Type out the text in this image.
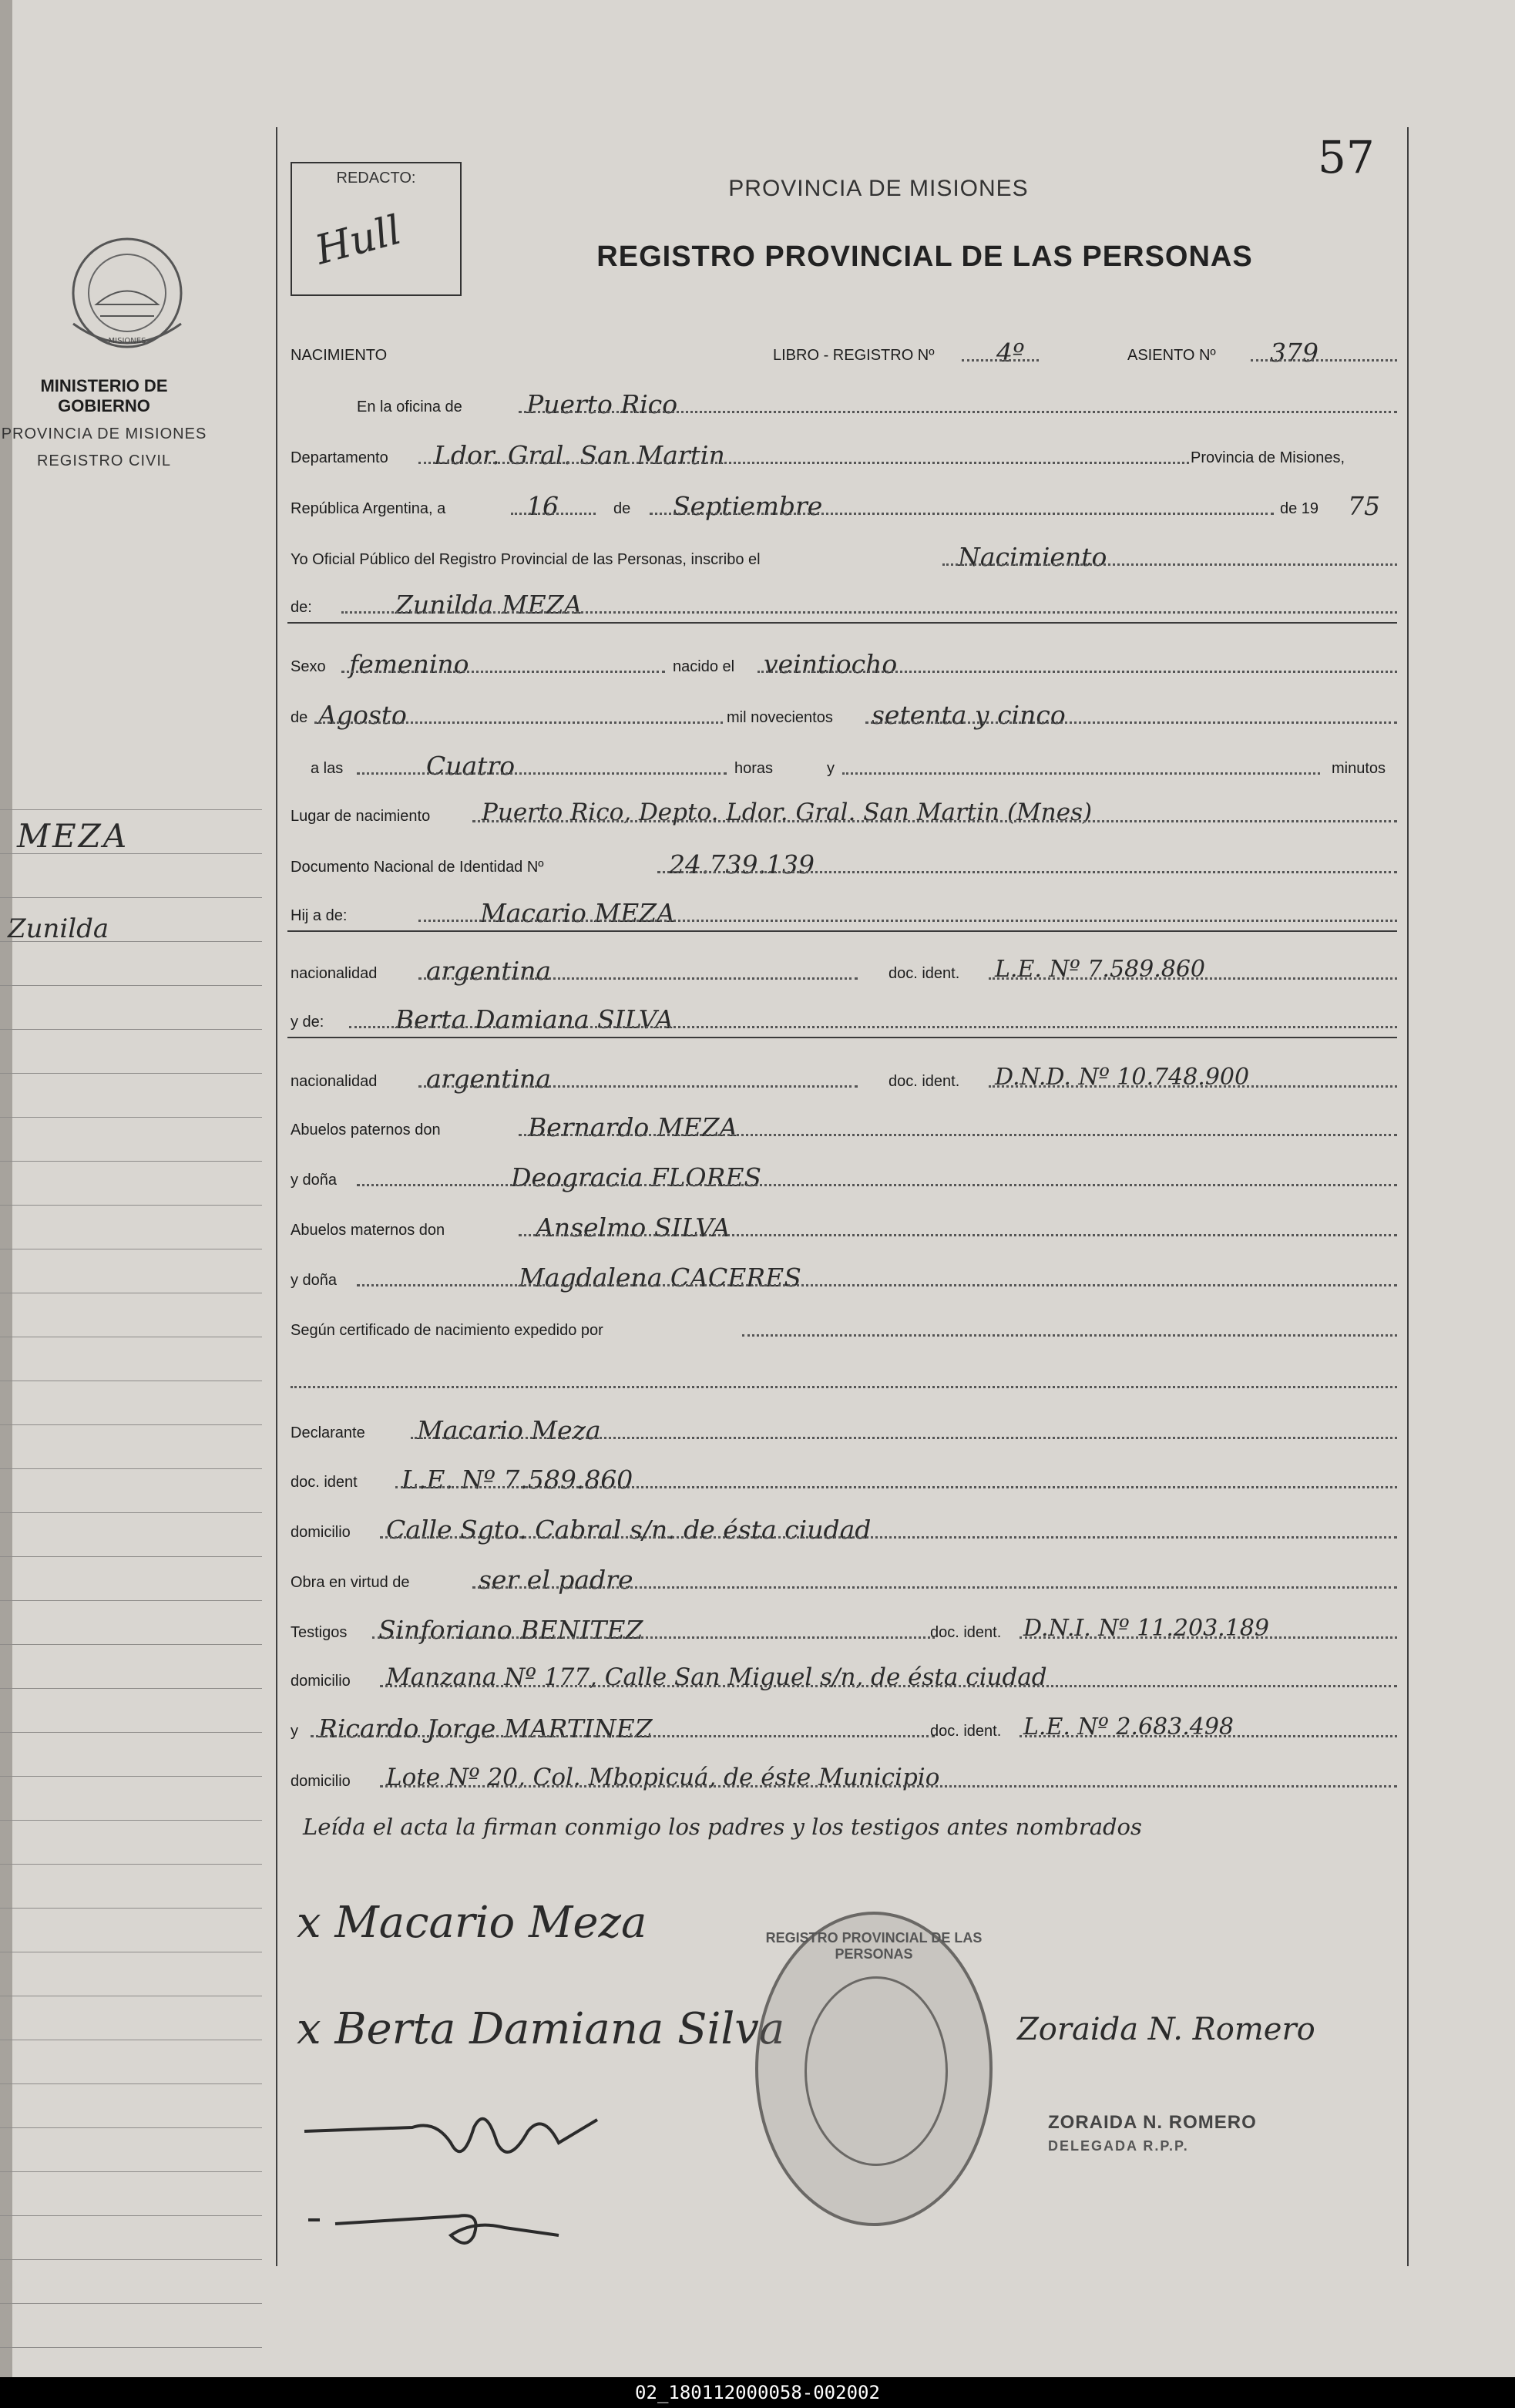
MISIONES
MINISTERIO DE GOBIERNO
PROVINCIA DE MISIONES
REGISTRO CIVIL
MEZA
Zunilda
57
REDACTO:
Hull
PROVINCIA DE MISIONES
REGISTRO PROVINCIAL DE LAS PERSONAS
NACIMIENTO	LIBRO - REGISTRO Nº 4º	ASIENTO Nº 379
En la oficina de	Puerto Rico
Departamento Ldor. Gral. San Martin	Provincia de Misiones,
República Argentina, a	16	de Septiembre	de 19 75
Yo Oficial Público del Registro Provincial de las Personas, inscribo el	Nacimiento
de:	Zunilda MEZA
Sexo femenino	nacido el veintiocho
de Agosto	mil novecientos setenta y cinco
a las	Cuatro	horas	y	minutos
Lugar de nacimiento Puerto Rico, Depto. Ldor. Gral. San Martin (Mnes)
Documento Nacional de Identidad Nº	24.739.139
Hij a de:	Macario MEZA
nacionalidad argentina	doc. ident. L.E. Nº 7.589.860
y de:	Berta Damiana SILVA
nacionalidad argentina	doc. ident. D.N.D. Nº 10.748.900
Abuelos paternos don	Bernardo MEZA
y doña	Deogracia FLORES
Abuelos maternos don	Anselmo SILVA
y doña	Magdalena CACERES
Según certificado de nacimiento expedido por
Declarante Macario Meza
doc. ident L.E. Nº 7.589.860
domicilio Calle Sgto. Cabral s/n. de ésta ciudad
Obra en virtud de	ser el padre
Testigos Sinforiano BENITEZ	doc. ident. D.N.I. Nº 11.203.189
domicilio Manzana Nº 177, Calle San Miguel s/n, de ésta ciudad
y Ricardo Jorge MARTINEZ	doc. ident. L.E. Nº 2.683.498
domicilio Lote Nº 20, Col. Mbopicuá, de éste Municipio
Leída el acta la firman conmigo los padres y los testigos antes nombrados
x Macario Meza
x Berta Damiana Silva	Zoraida N. Romero
REGISTRO PROVINCIAL DE LAS PERSONAS
ZORAIDA N. ROMERO
DELEGADA R.P.P.
02_180112000058-002002
